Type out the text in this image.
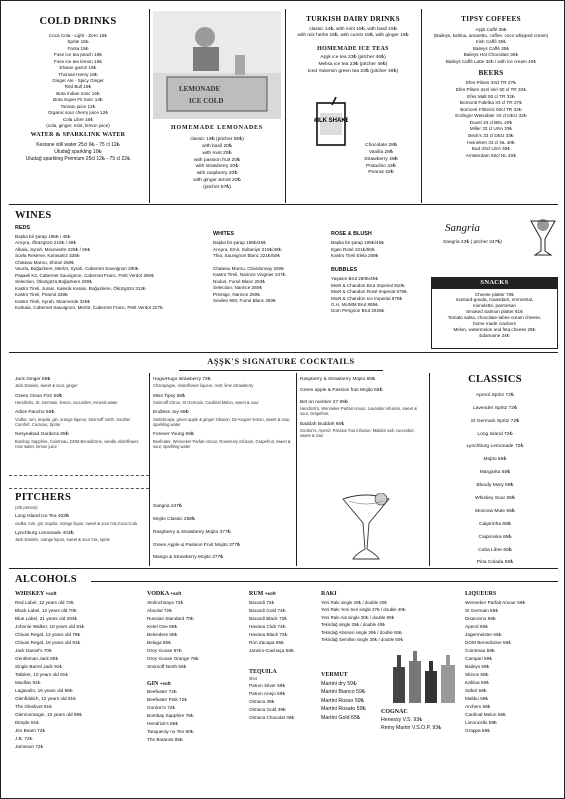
COLD DRINKS
Coca Cola - Light - Zero 15₺
Sprite 15₺
Fanta 15₺
Fuse ice tea peach 15₺
Fuse ice tea lemon 15₺
Elvane gazoz 15₺
Thomas Henry 18₺
Ginger Ale · Spicy Ginger
Red Bull 19₺
Bota Indian tonic 14₺
Bota Super Fit tonic 14₺
Tomato juice 12₺
Organic sour cherry juice 12₺
Cola Libre 16₺
(cola, ginger, mint, lemon juice)
WATER & SPARKLINK WATER
Kestane still water 25cl 6₺ - 75 cl 12₺
Uludağ sparkling 10₺
Uludağ sparkling Premium 25cl 12₺ - 75 cl 22₺
LEMONADE
ICE COLD
HOMEMADE LEMONADES
classic 19₺ (pitcher 55₺)
with basil 20₺
with mint 20₺
with passion fruit 20₺
with strawberry 20₺
with raspberry 20₺
with ginger &mint 20₺
(pitcher 57₺)
TURKISH DAIRY DRINKS
classic 14₺, with mint 15₺, with basil 15₺
with mix herbs 15₺, with cumin 15₺, with ginger 15₺
HOMEMADE ICE TEAS
Aşşk ice tea 23₺ (pitcher 46₺)
Melisa ice tea 23₺ (pitcher 46₺)
Iced Yasemin green tea 23₺ (pitcher 46₺)
MILK SHAKE
Chocolate 28₺
Vanilla 28₺
Strawberry 28₺
Pistachio 32₺
Peanut 32₺
TIPSY COFFEES
Aşşk Caffé 35₺
(Baileys, kahlua, amaretto, coffee, coco whipped cream)
Irish Caffè 35₺
Baileys Caffè 35₺
Baileys Hot Chocolate 36₺
Baileys Caffè Latte 32₺ / with ice cream 40₺
BEERS
Efes Pilsen 33cl TR 27₺
Efes Pilsen özel seri 50 cl TR 32₺
Efes Malt 50 cl TR 32₺
Bomonti Fabrika 33 cl TR 27₺
Bomonti Filtresiz 50cl TR 32₺
Erdinger Weissbier 33 cl DEU 32₺
Duvel 33 cl BEL 40₺
Miller 33 cl USA 33₺
Beck's 33 cl DEU 33₺
Heineken 33 cl NL 40₺
Bud 33cl USA 35₺
Amsterdam 50cl NL 40₺
WINES
REDS
Başka bir şarap 195₺ / 45₺
Ancyra, Öküzgözü 210₺ / 48₺
Alkaia, Syrah, Mourvedre 228₺ / 55₺
Suvla Reserve, Karasakız 335₺
Chateau Murou, Shiraz 260₺
Vourla, Boğazkere, Merlot, Syrah, Cabernet Sauvignon 280₺
Paşaeli K2, Cabernet Sauvignon, Cabernet Franc, Petit Verdot 280₺
Selection, Öküzgözü,Boğazkere 260₺
Kastro Tireli, Jurası, Kalecik Karası, Boğazkere, Öküzgözü 312₺
Kastro Tireli, Piramit 338₺
Kastro Tireli, Syrah, Mourverde 325₺
Karkaia, Cabernet Sauvignon, Merlot, Cabernet Franc, Petit Verdot 227₺
WHITES
Başka bir şarap 195₺/45₺
Ancyra, Emir, Sultaniye 210₺/48₺
Thia, Sauvignon Blanc 221₺/50₺

Chateau Murou, Chardonnay 260₺
Kastro Tireli, Narince Viognier 247₺
Nodus, Fumé Blanc 263₺
Selection, Narince 260₺
Prestige, Narince 260₺
Sevilen 900, Fumé Blanc 280₺
ROSE & BLUSH
Başka bir şarap 195₺/45₺
Egeo Rosé 221₺/50₺
Kastro Tireli Elela 208₺
BUBBLES
Yaşasın Brut 290₺/45₺
Moët & Chandon Brut Imperial 910₺
Moët & Chandon Rosé Imperial 975₺
Moët & Chandon Ice Imperial 975₺
G.H. MUMM Brut 865₺
Dom Perignon Brut 2925₺
Sangria
Sangria 43₺ ( pitcher 247₺)
SNACKS
Cheese platter 70₺
mustard-gouda, maasdam, emmental,
mimolette, parmesan
Smoked Salmon platter 61₺
Tomato salsa, chocolate-labne cream cheese,
home made crackers
Melon, watermelon and feta cheese 29₺
Edamame 24₺
AŞŞK'S SIGNATURE COCKTAILS
Jack Ginger 65₺
Jack Daniels, sweet & sour, ginger
Green Clean Fizz 56₺
Hendricks, St. Germain, lemon, cucumber, mineral water
Adios Pancho 65₺
Vodka, rum, tequila, gin, orange liqueur, Smirnoff north, Souther Comfort, Curacao, Sprite
Nesyeabad Gardens 65₺
Bombay Sapphire, Cointreau, DOM Benedictine, vanilla, elderflower, rose water, lemon juice
Hugo/Hugo strawberry 72₺
Champagne, enderflower liqueur, mint, lime /strawberry
Miss Tipsy 65₺
Smirnoff Citrus, St Germain, Cardinal Melon, sweet & sour
Endless Joy 65₺
Stolichnaya, green apple & ginger infusion, De Kuyper lemon, sweet & sour, sparkling water
Forever Young 65₺
Beefeater, Wenneker Parfait Amour, Rosemary infusion, Grapefruit, sweet & sour, sparkling water
Raspberry & Strawberry Mojito 65₺
Green apple & Passion fruit Mojito 65₺
Bet on number 27 65₺
Hendrick's, Wenneker Parfait Amour, Lavander infusion, sweet & sour, Grapefruit
Baddah Buddah 65₺
Gordon's, Aperol, Passion fruit infusion, Maldon salt, cucumber, sweet & sour
PITCHERS
(4/5 person)
Long Island Ice Tea 403₺
vodka, rum, gin, tequila, orange liquor, sweet & sour mix,Coca Cola
Lynchburg Lemonade 403₺
Jack Daniels, orange liquor, sweet & sour mix, sprite
Sangria 247₺
Mojito Classic 258₺
Raspberry & Strawberry Mojito 377₺
Green Apple & Passion Fruit Mojito 377₺
Mango & Strawberry Mojito 377₺
CLASSICS
Aperol Spritz 72₺
Lavender Spritz 72₺
St Germain Spritz 72₺
Long Island 72₺
Lynchburg Lemonade 72₺
Mojito 65₺
Margarita 65₺
Bloody Mary 65₺
Whiskey Sour 65₺
Moscow Mule 65₺
Caipirinha 65₺
Caipiroska 65₺
Cuba Libre 65₺
Pina Colada 65₺
ALCOHOLS
WHISKEY +soft
Red Label, 12 years old 72₺
Black Label, 12 years old 70₺
Blue Label, 21 years old 293₺
Johnnie Walker, 18 years old 91₺
Chivas Regal, 12 years old 79₺
Chivas Regal, 18 years old 91₺
Jack Daniel's 70₺
Gentleman Jack 85₺
Single Barrel Jack 91₺
Talisker, 10 years old 91₺
Macllan 91₺
Lagavulin, 16 years old 96₺
Glenfiddich, 12 years old 91₺
The Glenlivet 91₺
Glenmorangie, 10 years old 98₺
Dimple 91₺
Jim Beam 72₺
J.B. 72₺
Jameson 72₺
VODKA +soft
Stolinchnaya 72₺
Absolut 72₺
Russian Standard 70₺
Ketel One 85₺
Belvedere 85₺
Beluga 85₺
Grey Goose 87₺
Grey Goose Orange 78₺
Smirnoff North 65₺
GIN +soft
Beefeater 72₺
Beefeater Pink 72₺
Gordon's 72₺
Bombay Sapphire 78₺
Hendrick's 85₺
Tanqueray no Ten 90₺
The Botanist 85₺
RUM +soft
Bacardi 72₺
Bacardi Gold 72₺
Bacardi Black 72₺
Havana Club 72₺
Havana Black 72₺
Ron Zacapa 85₺
Janeiro-Cachaça 58₺
TEQUILA
shot
Patron Silver 59₺
Patron Anejo 59₺
Olmeca 39₺
Olmeca Gold 39₺
Olmeca Chocolat 39₺
RAKI
Yeni Rakı single 25₺ / double 40₺
Yeni Rakı Yeni Seri single 27₺ / double 40₺
Yeni Rakı Ala single 30₺ / double 50₺
Tekirdağ single 25₺ / double 40₺
Tekirdağ Altınseri single 30₺ / double 50₺
Tekirdağ Semillon single 30₺ / double 50₺
VERMUT
Martini dry 59₺
Martini Bianco 59₺
Martini Rosso 59₺
Martini Rosato 59₺
Martini Gold 65₺
COGNAC
Henessy V.S. 93₺
Remy Martin V.S.O.P. 93₺
LIQUEURS
Wenneker Parfait Amour 59₺
St Germain 65₺
Disaronno 59₺
Aperol 59₺
Jagermeister 65₺
DOM Benedictine 59₺
Cointreau 59₺
Campari 59₺
Baileys 59₺
Skinos 59₺
Kahlua 59₺
Safari 59₺
Malibu 59₺
Archers 59₺
Cardinal Melon 59₺
Limoncello 59₺
Grappa 59₺
